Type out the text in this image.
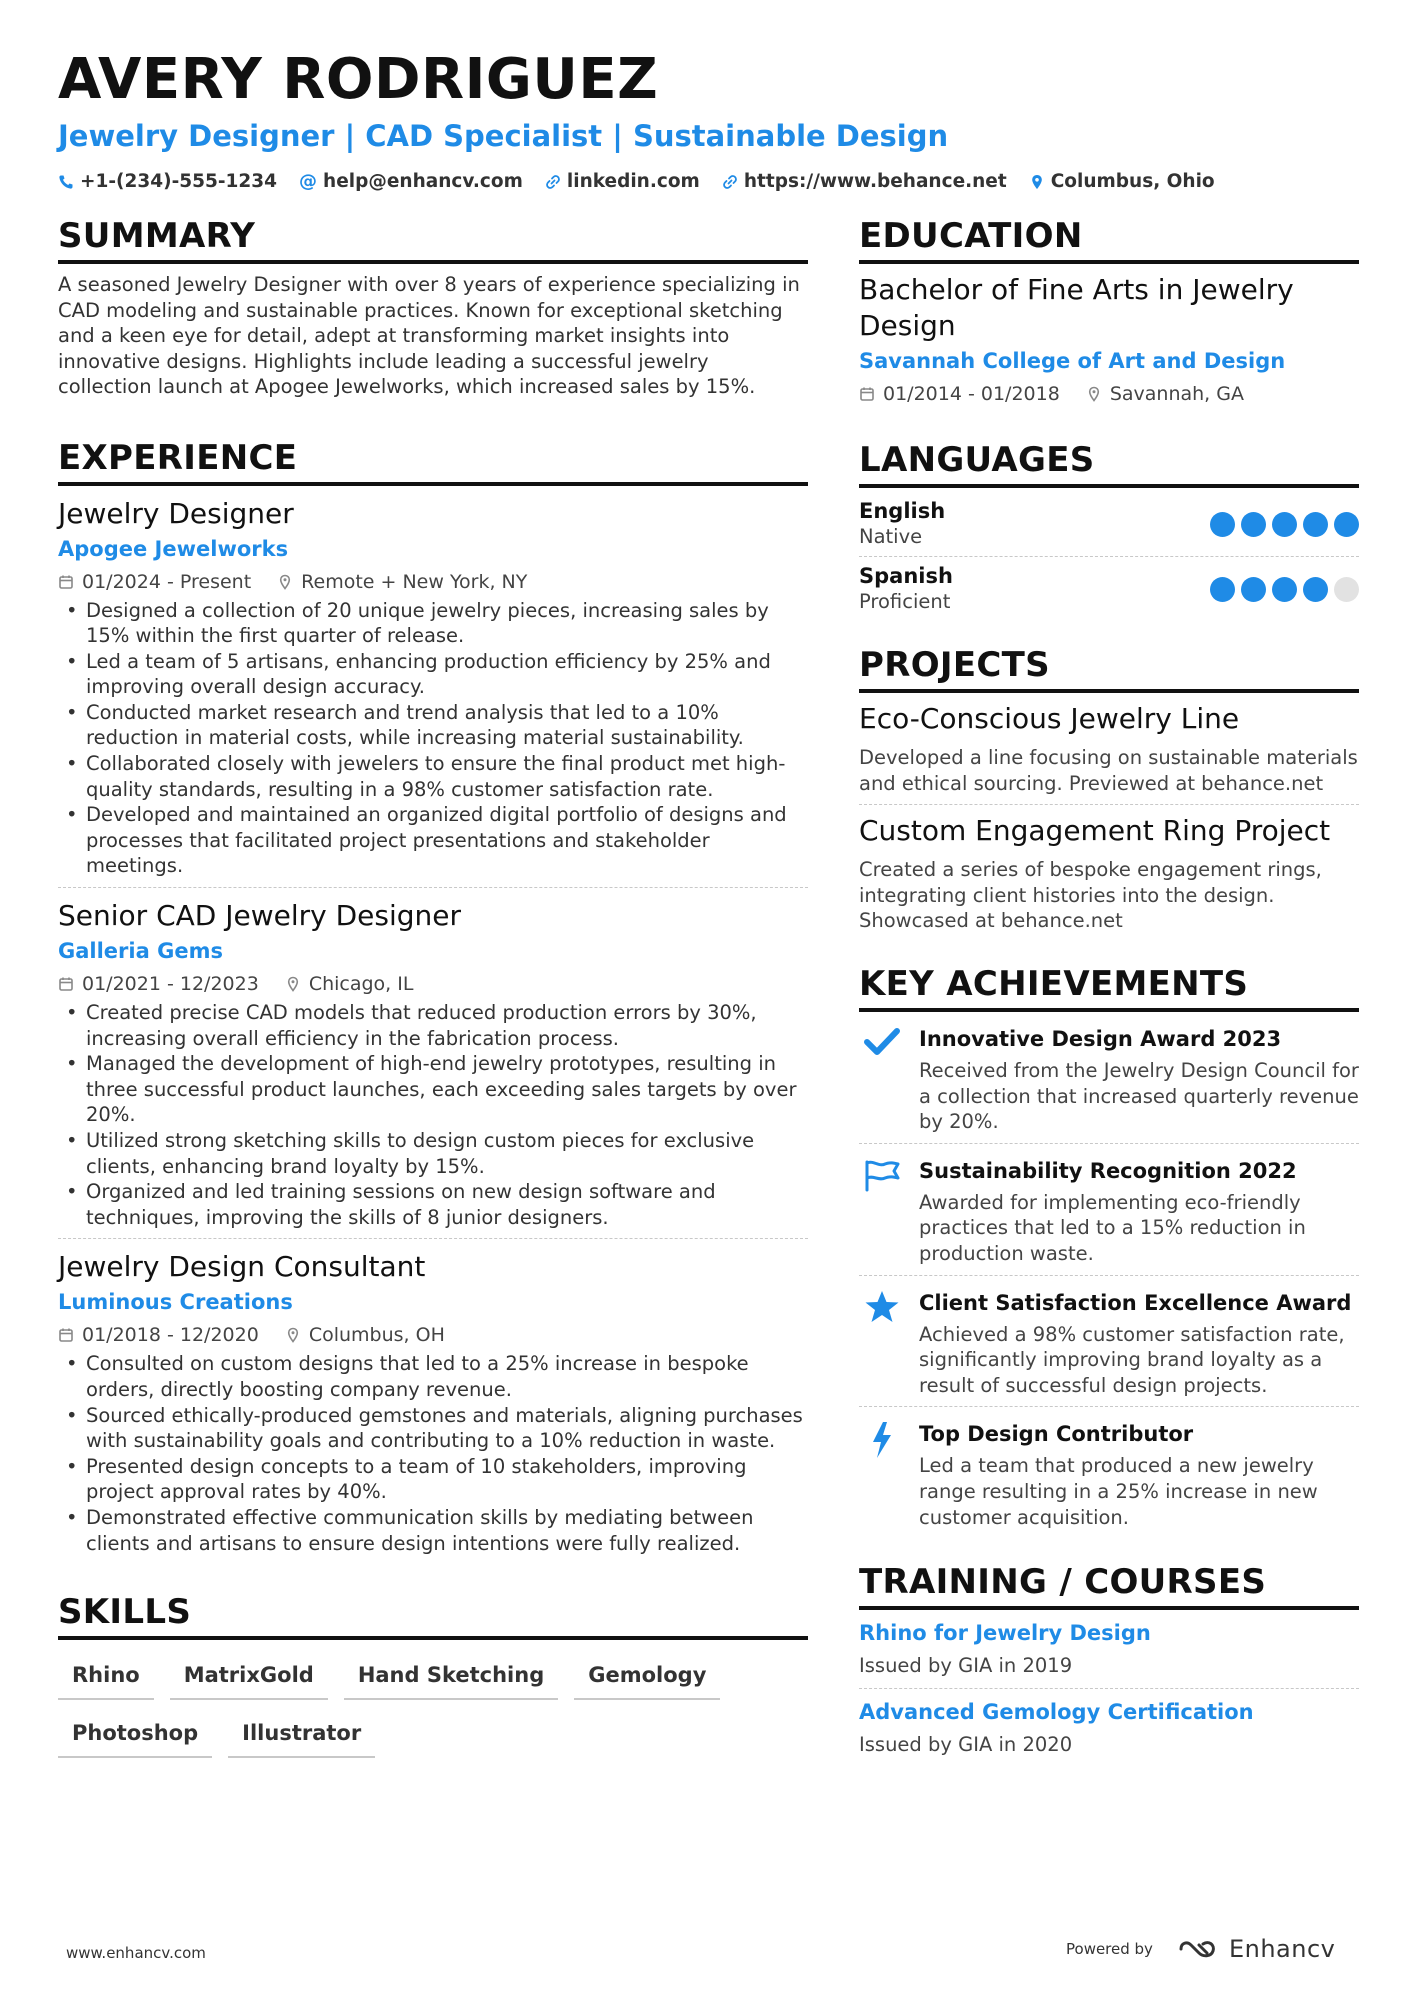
AVERY RODRIGUEZ
Jewelry Designer | CAD Specialist | Sustainable Design
+1-(234)-555-1234 @ help@enhancv.com linkedin.com https://www.behance.net Columbus, Ohio
SUMMARY

A seasoned Jewelry Designer with over 8 years of experience specializing in CAD modeling and sustainable practices. Known for exceptional sketching and a keen eye for detail, adept at transforming market insights into innovative designs. Highlights include leading a successful jewelry collection launch at Apogee Jewelworks, which increased sales by 15%.

EXPERIENCE
Jewelry Designer
Apogee Jewelworks
01/2024 - Present	Remote + New York, NY
• Designed a collection of 20 unique jewelry pieces, increasing sales by 15% within the first quarter of release.
• Led a team of 5 artisans, enhancing production efficiency by 25% and improving overall design accuracy.
• Conducted market research and trend analysis that led to a 10% reduction in material costs, while increasing material sustainability.
• Collaborated closely with jewelers to ensure the final product met high-quality standards, resulting in a 98% customer satisfaction rate.
• Developed and maintained an organized digital portfolio of designs and processes that facilitated project presentations and stakeholder meetings.
Senior CAD Jewelry Designer
Galleria Gems
01/2021 - 12/2023	Chicago, IL
• Created precise CAD models that reduced production errors by 30%, increasing overall efficiency in the fabrication process.
• Managed the development of high-end jewelry prototypes, resulting in three successful product launches, each exceeding sales targets by over 20%.
• Utilized strong sketching skills to design custom pieces for exclusive clients, enhancing brand loyalty by 15%.
• Organized and led training sessions on new design software and techniques, improving the skills of 8 junior designers.
Jewelry Design Consultant
Luminous Creations
01/2018 - 12/2020	Columbus, OH
• Consulted on custom designs that led to a 25% increase in bespoke orders, directly boosting company revenue.
• Sourced ethically-produced gemstones and materials, aligning purchases with sustainability goals and contributing to a 10% reduction in waste.
• Presented design concepts to a team of 10 stakeholders, improving project approval rates by 40%.
• Demonstrated effective communication skills by mediating between clients and artisans to ensure design intentions were fully realized.
SKILLS
Rhino	MatrixGold	Hand Sketching	Gemology
Photoshop	Illustrator
EDUCATION
Bachelor of Fine Arts in Jewelry Design
Savannah College of Art and Design
01/2014 - 01/2018	Savannah, GA
LANGUAGES
English
Native
Spanish
Proficient
PROJECTS
Eco-Conscious Jewelry Line
Developed a line focusing on sustainable materials and ethical sourcing. Previewed at behance.net
Custom Engagement Ring Project
Created a series of bespoke engagement rings, integrating client histories into the design. Showcased at behance.net
KEY ACHIEVEMENTS
Innovative Design Award 2023
Received from the Jewelry Design Council for a collection that increased quarterly revenue by 20%.
Sustainability Recognition 2022
Awarded for implementing eco-friendly practices that led to a 15% reduction in production waste.
Client Satisfaction Excellence Award
Achieved a 98% customer satisfaction rate, significantly improving brand loyalty as a result of successful design projects.
Top Design Contributor
Led a team that produced a new jewelry range resulting in a 25% increase in new customer acquisition.
TRAINING / COURSES
Rhino for Jewelry Design
Issued by GIA in 2019
Advanced Gemology Certification
Issued by GIA in 2020
www.enhancv.com	Powered by	Enhancv
